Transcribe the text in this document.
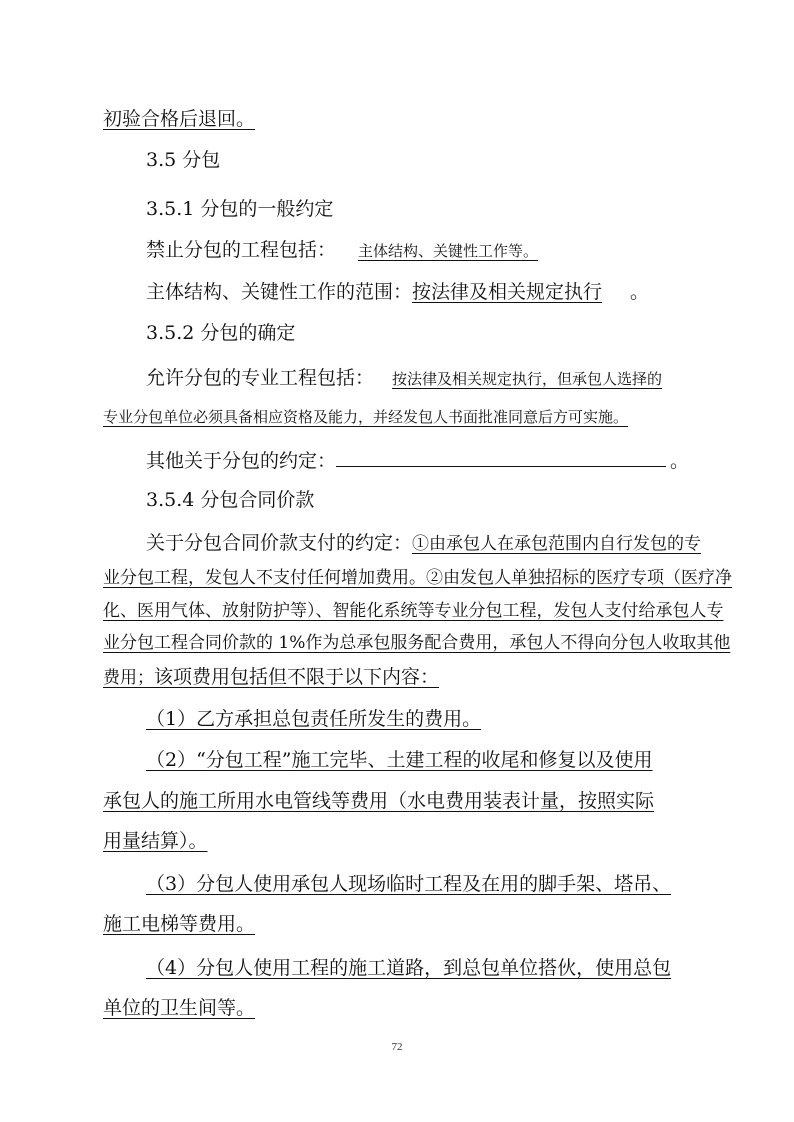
初验合格后退回。
3.5 分包
3.5.1 分包的一般约定
禁止分包的工程包括： 主体结构、关键性工作等。
主体结构、关键性工作的范围：按法律及相关规定执行 。
3.5.2 分包的确定
允许分包的专业工程包括： 按法律及相关规定执行，但承包人选择的
专业分包单位必须具备相应资格及能力，并经发包人书面批准同意后方可实施。
其他关于分包的约定：	。
3.5.4 分包合同价款
关于分包合同价款支付的约定：①由承包人在承包范围内自行发包的专
业分包工程，发包人不支付任何增加费用。②由发包人单独招标的医疗专项（医疗净
化、医用气体、放射防护等）、智能化系统等专业分包工程，发包人支付给承包人专
业分包工程合同价款的 1%作为总承包服务配合费用，承包人不得向分包人收取其他
费用；该项费用包括但不限于以下内容：
（1）乙方承担总包责任所发生的费用。
（2）“分包工程”施工完毕、土建工程的收尾和修复以及使用
承包人的施工所用水电管线等费用（水电费用装表计量，按照实际
用量结算）。
（3）分包人使用承包人现场临时工程及在用的脚手架、塔吊、
施工电梯等费用。
（4）分包人使用工程的施工道路，到总包单位搭伙，使用总包
单位的卫生间等。
72
